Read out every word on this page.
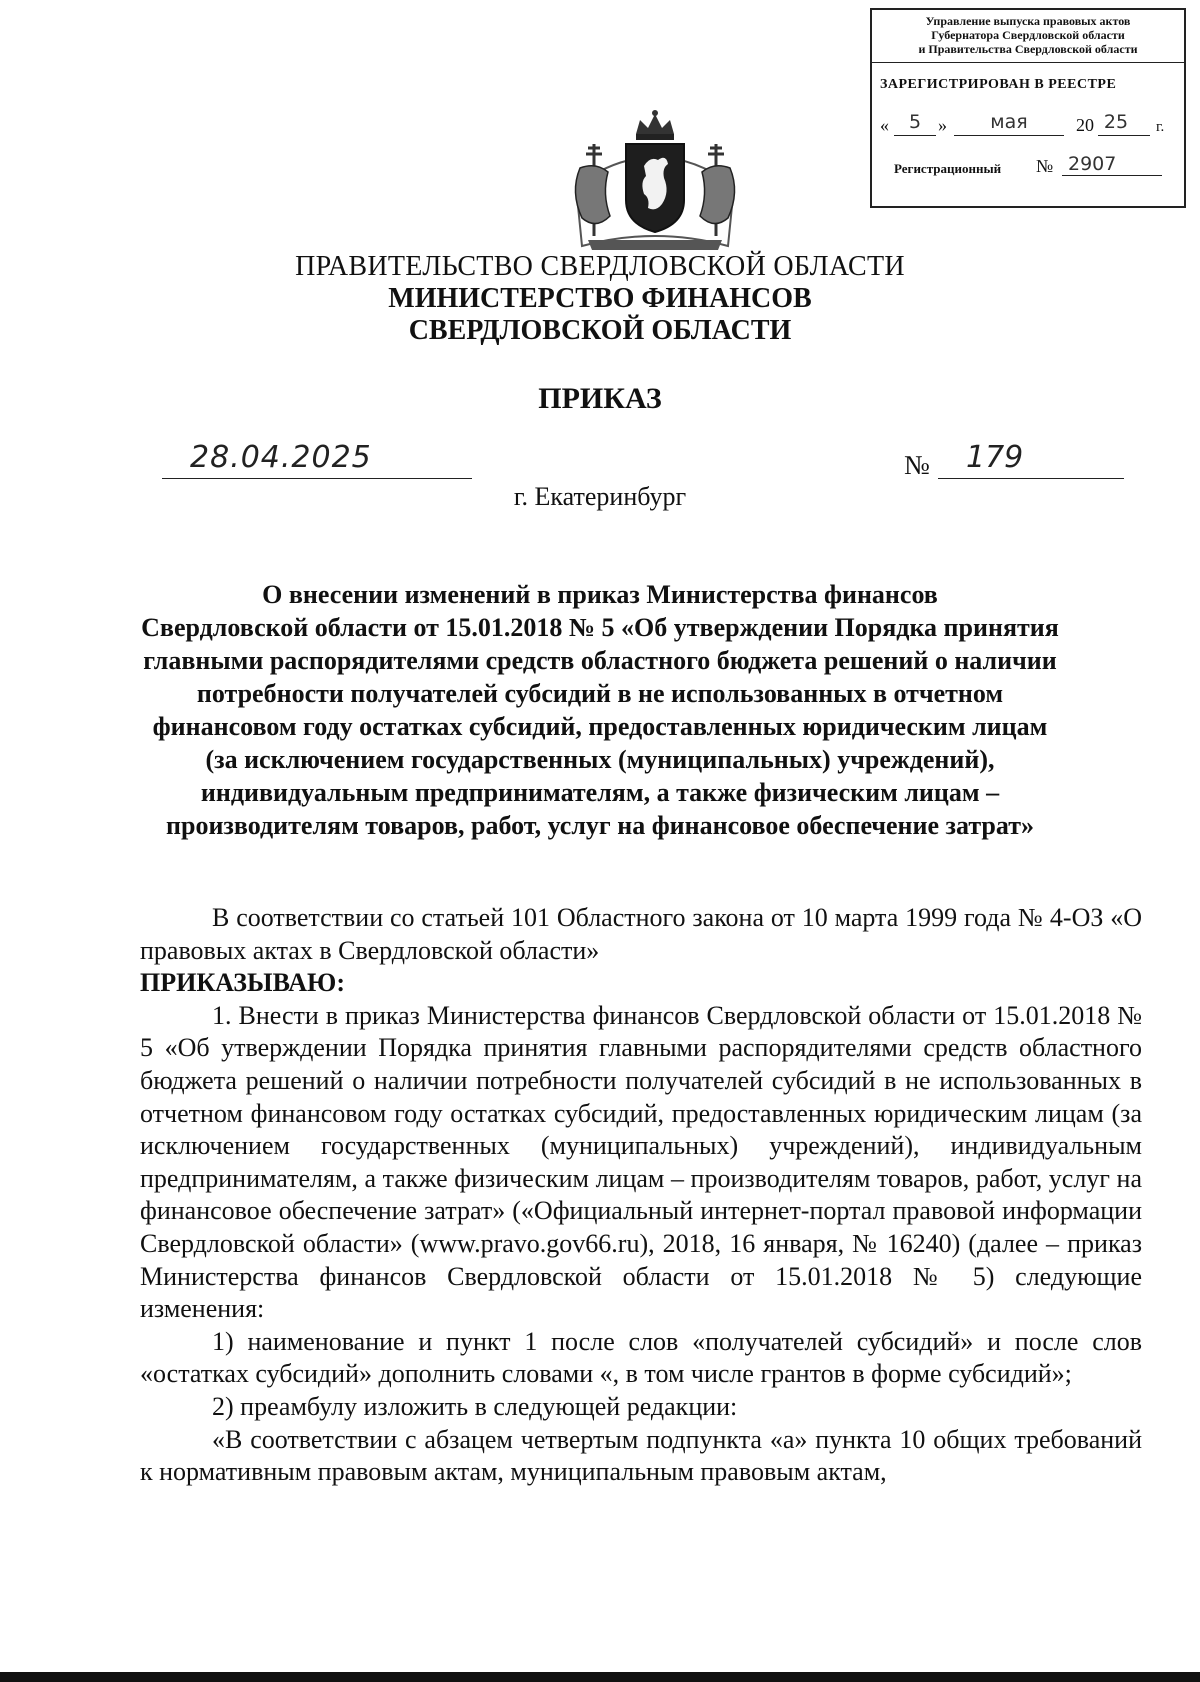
Управление выпуска правовых актов
Губернатора Свердловской области
и Правительства Свердловской области
ЗАРЕГИСТРИРОВАН В РЕЕСТРЕ
«	5 »	мая	20 25	г.
Регистрационный № 2907
ПРАВИТЕЛЬСТВО СВЕРДЛОВСКОЙ ОБЛАСТИ
МИНИСТЕРСТВО ФИНАНСОВ
СВЕРДЛОВСКОЙ ОБЛАСТИ
ПРИКАЗ
28.04.2025	№ 179
г. Екатеринбург
О внесении изменений в приказ Министерства финансов
Свердловской области от 15.01.2018 № 5 «Об утверждении Порядка принятия
главными распорядителями средств областного бюджета решений о наличии
потребности получателей субсидий в не использованных в отчетном
финансовом году остатках субсидий, предоставленных юридическим лицам
(за исключением государственных (муниципальных) учреждений),
индивидуальным предпринимателям, а также физическим лицам –
производителям товаров, работ, услуг на финансовое обеспечение затрат»

В соответствии со статьей 101 Областного закона от 10 марта 1999 года № 4-ОЗ «О правовых актах в Свердловской области»

ПРИКАЗЫВАЮ:

1. Внести в приказ Министерства финансов Свердловской области от 15.01.2018 № 5 «Об утверждении Порядка принятия главными распорядителями средств областного бюджета решений о наличии потребности получателей субсидий в не использованных в отчетном финансовом году остатках субсидий, предоставленных юридическим лицам (за исключением государственных (муниципальных) учреждений), индивидуальным предпринимателям, а также физическим лицам – производителям товаров, работ, услуг на финансовое обеспечение затрат» («Официальный интернет-портал правовой информации Свердловской области» (www.pravo.gov66.ru), 2018, 16 января, № 16240) (далее – приказ Министерства финансов Свердловской области от 15.01.2018 № 5) следующие изменения:

1) наименование и пункт 1 после слов «получателей субсидий» и после слов «остатках субсидий» дополнить словами «, в том числе грантов в форме субсидий»;

2) преамбулу изложить в следующей редакции:

«В соответствии с абзацем четвертым подпункта «а» пункта 10 общих требований к нормативным правовым актам, муниципальным правовым актам,
